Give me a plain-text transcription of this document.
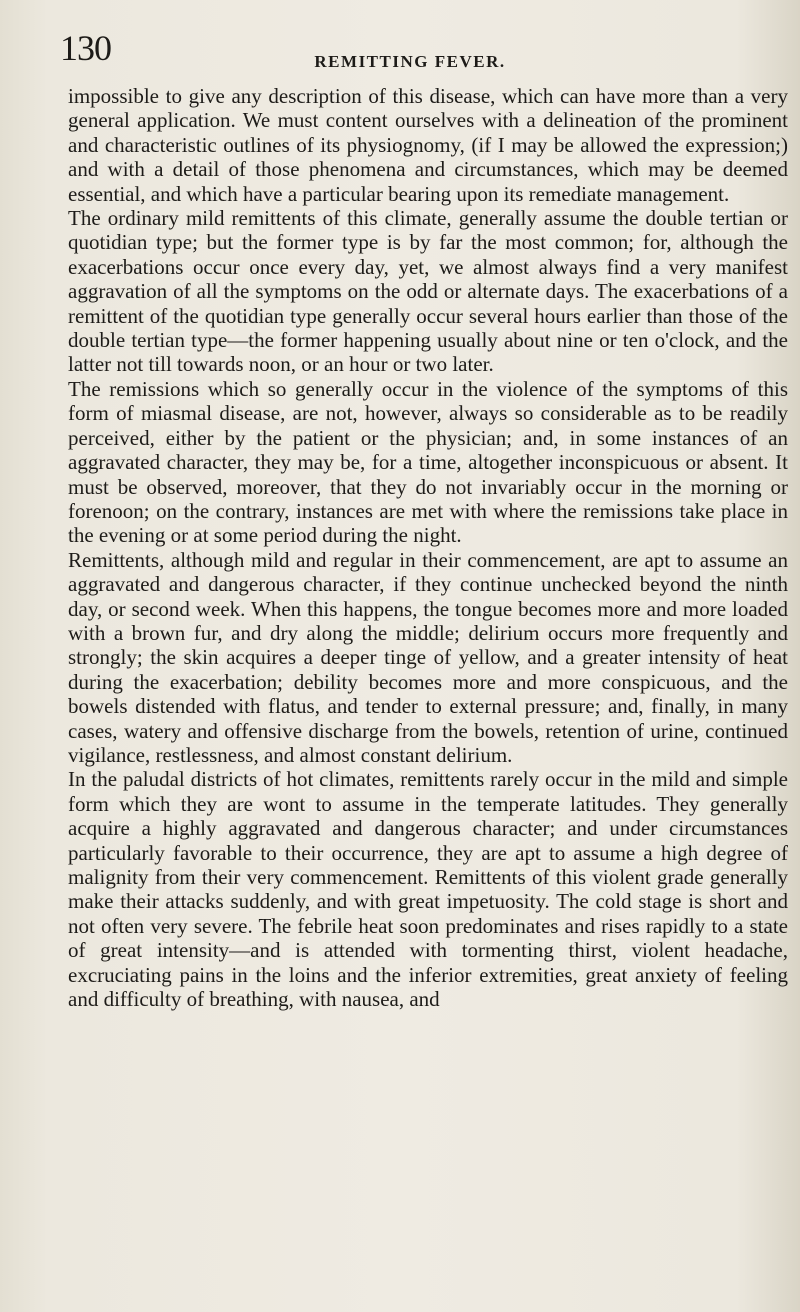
130	REMITTING FEVER.

impossible to give any description of this disease, which can have more than a very general application. We must content ourselves with a delineation of the prominent and characteristic outlines of its physiognomy, (if I may be allowed the expression;) and with a detail of those phenomena and circumstances, which may be deemed essential, and which have a particular bearing upon its remediate management.

The ordinary mild remittents of this climate, generally assume the double tertian or quotidian type; but the former type is by far the most common; for, although the exacerbations occur once every day, yet, we almost always find a very manifest aggravation of all the symptoms on the odd or alternate days. The exacerbations of a remittent of the quotidian type generally occur several hours earlier than those of the double tertian type—the former happening usually about nine or ten o'clock, and the latter not till towards noon, or an hour or two later.

The remissions which so generally occur in the violence of the symptoms of this form of miasmal disease, are not, however, always so considerable as to be readily perceived, either by the patient or the physician; and, in some instances of an aggravated character, they may be, for a time, altogether inconspicuous or absent. It must be observed, moreover, that they do not invariably occur in the morning or forenoon; on the contrary, instances are met with where the remissions take place in the evening or at some period during the night.

Remittents, although mild and regular in their commencement, are apt to assume an aggravated and dangerous character, if they continue unchecked beyond the ninth day, or second week. When this happens, the tongue becomes more and more loaded with a brown fur, and dry along the middle; delirium occurs more frequently and strongly; the skin acquires a deeper tinge of yellow, and a greater intensity of heat during the exacerbation; debility becomes more and more conspicuous, and the bowels distended with flatus, and tender to external pressure; and, finally, in many cases, watery and offensive discharge from the bowels, retention of urine, continued vigilance, restlessness, and almost constant delirium.

In the paludal districts of hot climates, remittents rarely occur in the mild and simple form which they are wont to assume in the temperate latitudes. They generally acquire a highly aggravated and dangerous character; and under circumstances particularly favorable to their occurrence, they are apt to assume a high degree of malignity from their very commencement. Remittents of this violent grade generally make their attacks suddenly, and with great impetuosity. The cold stage is short and not often very severe. The febrile heat soon predominates and rises rapidly to a state of great intensity—and is attended with tormenting thirst, violent headache, excruciating pains in the loins and the inferior extremities, great anxiety of feeling and difficulty of breathing, with nausea, and
